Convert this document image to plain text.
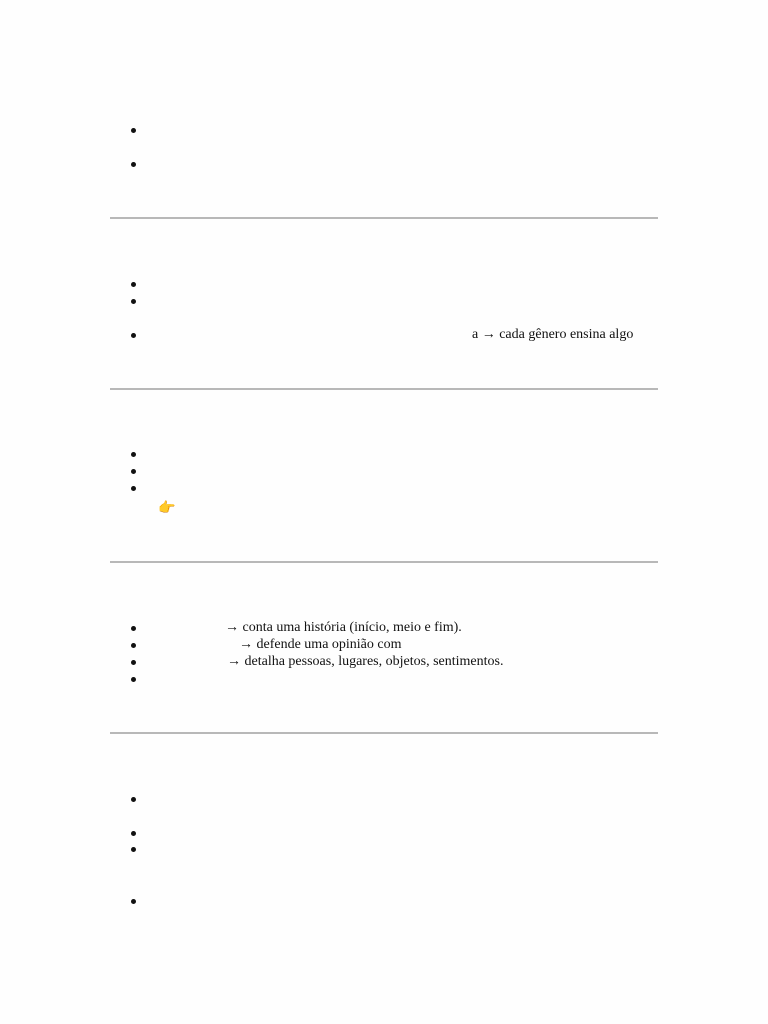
a → cada gênero ensina algo
👉
→ conta uma história (início, meio e fim).
→ defende uma opinião com
→ detalha pessoas, lugares, objetos, sentimentos.
